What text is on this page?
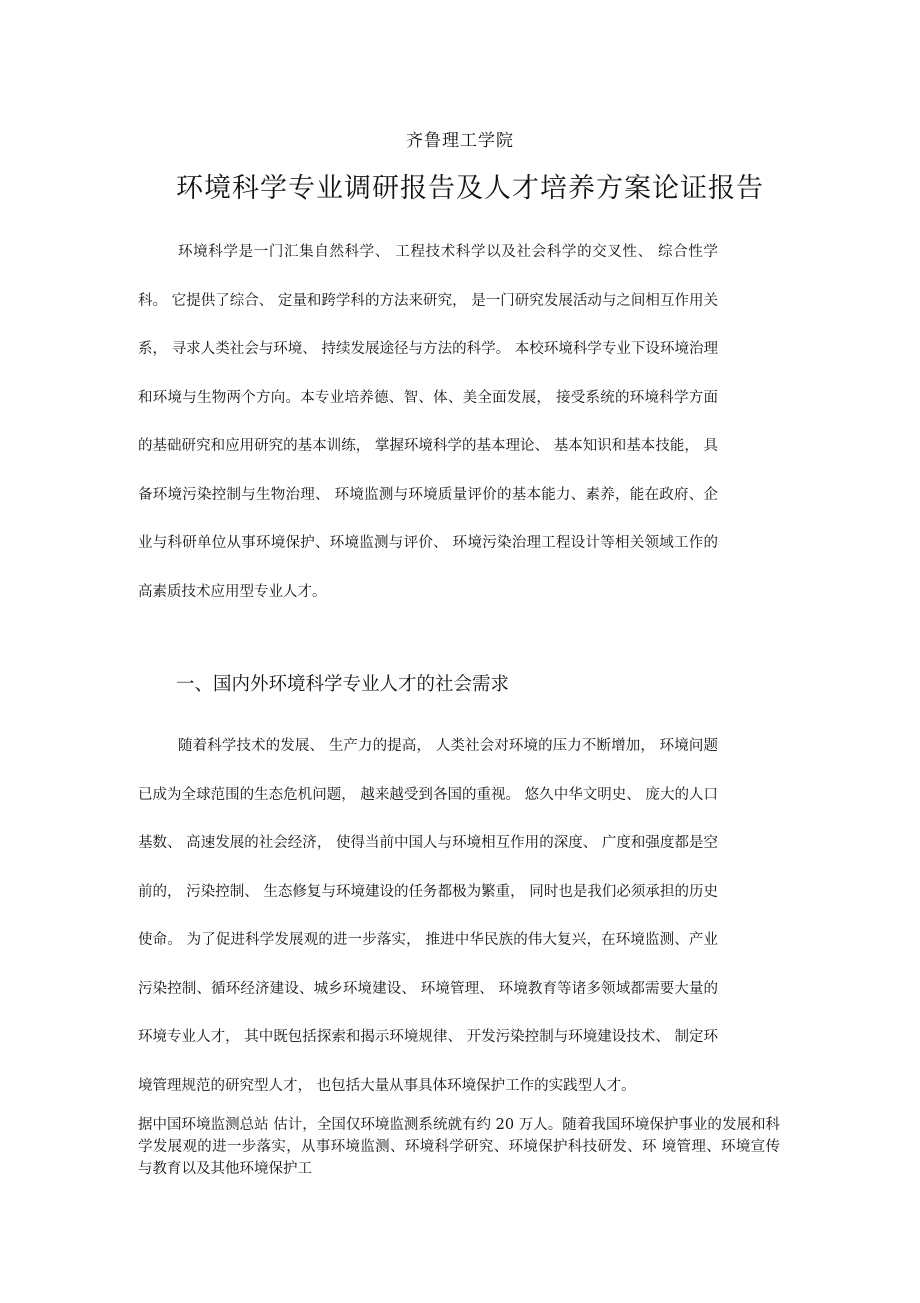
齐鲁理工学院
环境科学专业调研报告及人才培养方案论证报告

环境科学是一门汇集自然科学、 工程技术科学以及社会科学的交叉性、 综合性学科。 它提供了综合、 定量和跨学科的方法来研究， 是一门研究发展活动与之间相互作用关系， 寻求人类社会与环境、 持续发展途径与方法的科学。 本校环境科学专业下设环境治理和环境与生物两个方向。本专业培养德、智、体、美全面发展， 接受系统的环境科学方面的基础研究和应用研究的基本训练， 掌握环境科学的基本理论、 基本知识和基本技能， 具备环境污染控制与生物治理、 环境监测与环境质量评价的基本能力、素养，能在政府、企业与科研单位从事环境保护、环境监测与评价、 环境污染治理工程设计等相关领域工作的高素质技术应用型专业人才。

一、国内外环境科学专业人才的社会需求

随着科学技术的发展、 生产力的提高， 人类社会对环境的压力不断增加， 环境问题已成为全球范围的生态危机问题， 越来越受到各国的重视。 悠久中华文明史、 庞大的人口基数、 高速发展的社会经济， 使得当前中国人与环境相互作用的深度、 广度和强度都是空前的， 污染控制、 生态修复与环境建设的任务都极为繁重， 同时也是我们必须承担的历史使命。 为了促进科学发展观的进一步落实， 推进中华民族的伟大复兴，在环境监测、产业污染控制、循环经济建设、城乡环境建设、 环境管理、 环境教育等诸多领域都需要大量的环境专业人才， 其中既包括探索和揭示环境规律、 开发污染控制与环境建设技术、 制定环境管理规范的研究型人才， 也包括大量从事具体环境保护工作的实践型人才。

据中国环境监测总站 估计，全国仅环境监测系统就有约 20 万人。随着我国环境保护事业的发展和科 学发展观的进一步落实，从事环境监测、环境科学研究、环境保护科技研发、环 境管理、环境宣传与教育以及其他环境保护工
